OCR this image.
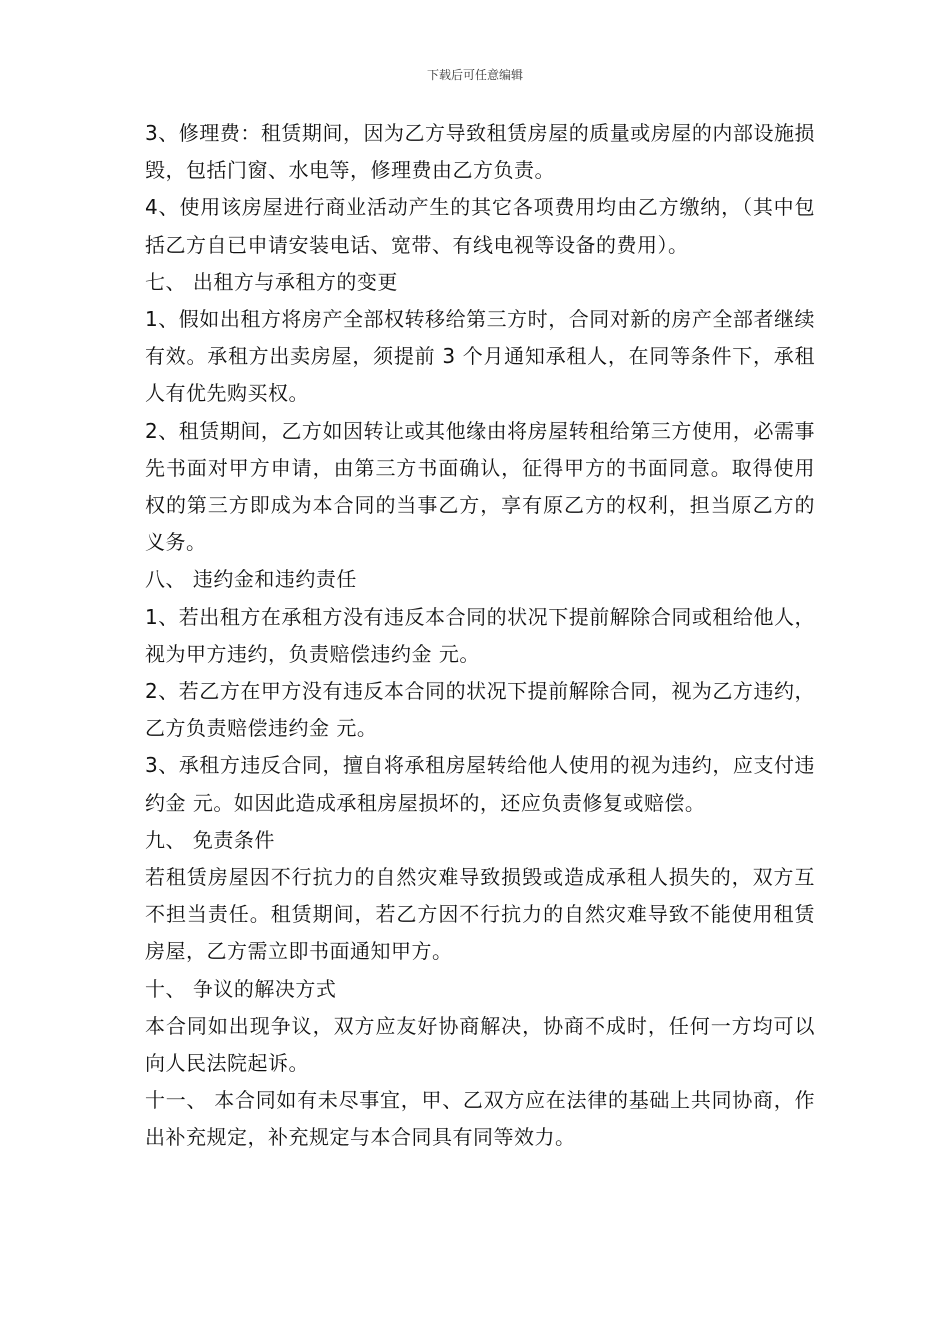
下载后可任意编辑

3、修理费：租赁期间，因为乙方导致租赁房屋的质量或房屋的内部设施损毁，包括门窗、水电等，修理费由乙方负责。

4、使用该房屋进行商业活动产生的其它各项费用均由乙方缴纳，（其中包括乙方自已申请安装电话、宽带、有线电视等设备的费用）。

七、 出租方与承租方的变更

1、假如出租方将房产全部权转移给第三方时，合同对新的房产全部者继续有效。承租方出卖房屋，须提前 3 个月通知承租人，在同等条件下，承租人有优先购买权。

2、租赁期间，乙方如因转让或其他缘由将房屋转租给第三方使用，必需事先书面对甲方申请，由第三方书面确认，征得甲方的书面同意。取得使用权的第三方即成为本合同的当事乙方，享有原乙方的权利，担当原乙方的义务。

八、 违约金和违约责任

1、若出租方在承租方没有违反本合同的状况下提前解除合同或租给他人，视为甲方违约，负责赔偿违约金 元。

2、若乙方在甲方没有违反本合同的状况下提前解除合同，视为乙方违约，乙方负责赔偿违约金 元。

3、承租方违反合同，擅自将承租房屋转给他人使用的视为违约，应支付违约金 元。如因此造成承租房屋损坏的，还应负责修复或赔偿。

九、 免责条件

若租赁房屋因不行抗力的自然灾难导致损毁或造成承租人损失的，双方互不担当责任。租赁期间，若乙方因不行抗力的自然灾难导致不能使用租赁房屋，乙方需立即书面通知甲方。

十、 争议的解决方式

本合同如出现争议，双方应友好协商解决，协商不成时，任何一方均可以向人民法院起诉。

十一、 本合同如有未尽事宜，甲、乙双方应在法律的基础上共同协商，作出补充规定，补充规定与本合同具有同等效力。
